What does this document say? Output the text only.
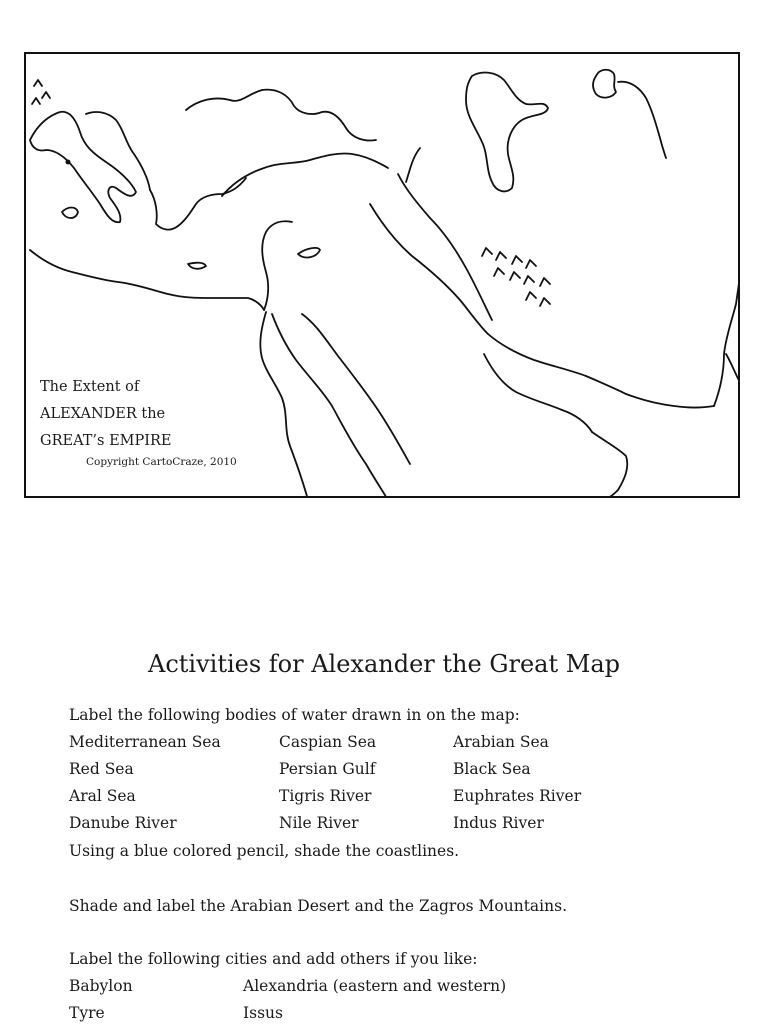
The Extent of
ALEXANDER the
GREAT’s EMPIRE
Copyright CartoCraze, 2010
Activities for Alexander the Great Map
Label the following bodies of water drawn in on the map:
Mediterranean Sea	Caspian Sea	Arabian Sea
Red Sea	Persian Gulf	Black Sea
Aral Sea	Tigris River	Euphrates River
Danube River	Nile River	Indus River
Using a blue colored pencil, shade the coastlines.
Shade and label the Arabian Desert and the Zagros Mountains.
Label the following cities and add others if you like:
Babylon	Alexandria (eastern and western)
Tyre	Issus
